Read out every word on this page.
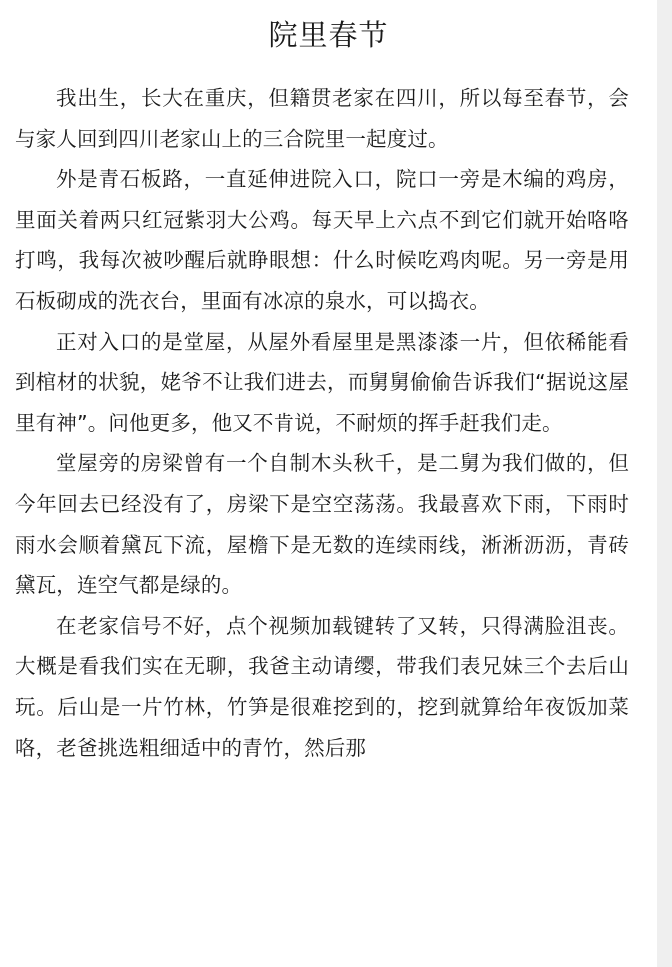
院里春节

我出生，长大在重庆，但籍贯老家在四川，所以每至春节，会与家人回到四川老家山上的三合院里一起度过。

外是青石板路，一直延伸进院入口，院口一旁是木编的鸡房，里面关着两只红冠紫羽大公鸡。每天早上六点不到它们就开始咯咯打鸣，我每次被吵醒后就睁眼想：什么时候吃鸡肉呢。另一旁是用石板砌成的洗衣台，里面有冰凉的泉水，可以捣衣。

正对入口的是堂屋，从屋外看屋里是黑漆漆一片，但依稀能看到棺材的状貌，姥爷不让我们进去，而舅舅偷偷告诉我们“据说这屋里有神”。问他更多，他又不肯说，不耐烦的挥手赶我们走。

堂屋旁的房梁曾有一个自制木头秋千，是二舅为我们做的，但今年回去已经没有了，房梁下是空空荡荡。我最喜欢下雨，下雨时雨水会顺着黛瓦下流，屋檐下是无数的连续雨线，淅淅沥沥，青砖黛瓦，连空气都是绿的。

在老家信号不好，点个视频加载键转了又转，只得满脸沮丧。大概是看我们实在无聊，我爸主动请缨，带我们表兄妹三个去后山玩。后山是一片竹林，竹笋是很难挖到的，挖到就算给年夜饭加菜咯，老爸挑选粗细适中的青竹，然后那
